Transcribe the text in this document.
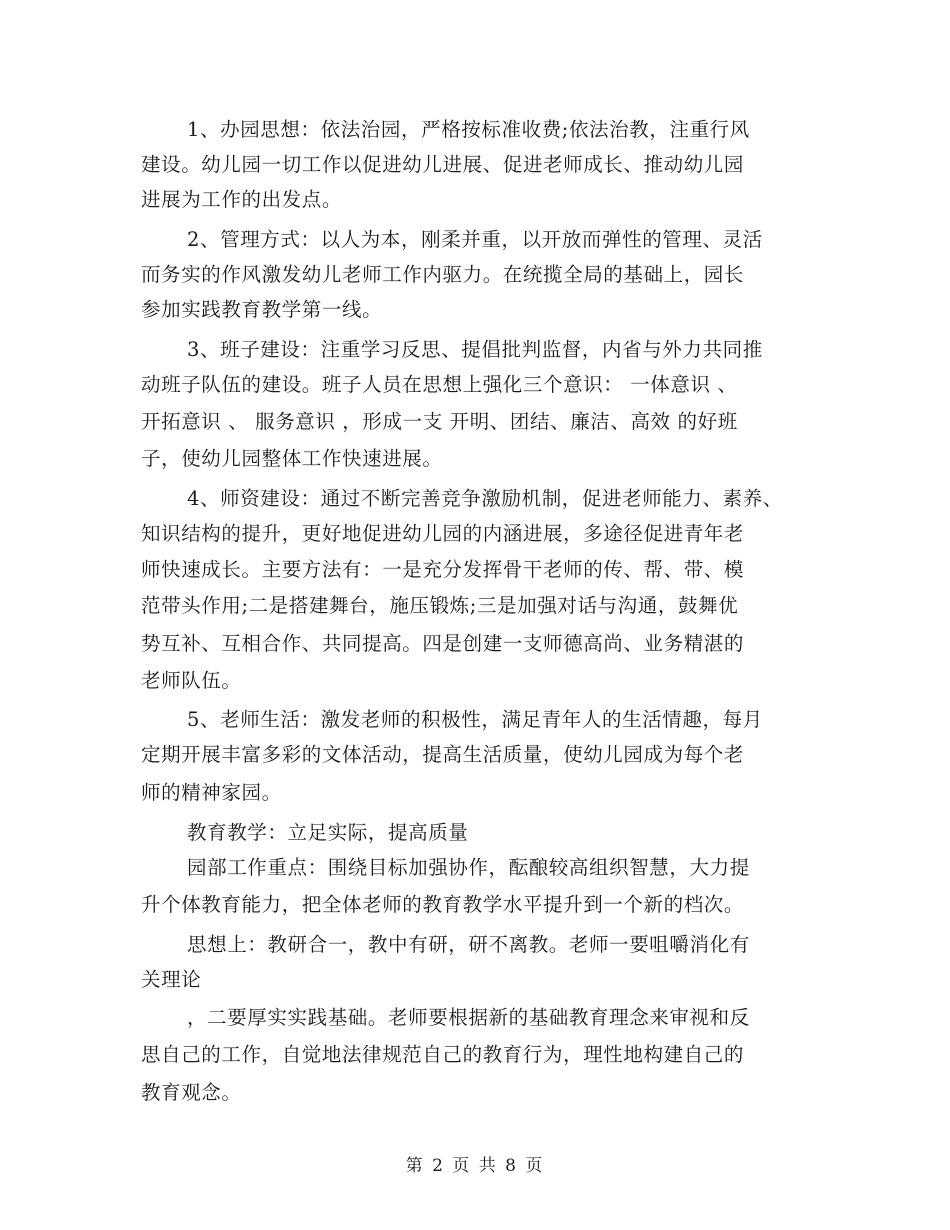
1、办园思想：依法治园，严格按标准收费;依法治教，注重行风
建设。幼儿园一切工作以促进幼儿进展、促进老师成长、推动幼儿园
进展为工作的出发点。
2、管理方式：以人为本，刚柔并重，以开放而弹性的管理、灵活
而务实的作风激发幼儿老师工作内驱力。在统揽全局的基础上，园长
参加实践教育教学第一线。
3、班子建设：注重学习反思、提倡批判监督，内省与外力共同推
动班子队伍的建设。班子人员在思想上强化三个意识： 一体意识 、
开拓意识 、 服务意识 ，形成一支 开明、团结、廉洁、高效 的好班
子，使幼儿园整体工作快速进展。
4、师资建设：通过不断完善竞争激励机制，促进老师能力、素养、
知识结构的提升，更好地促进幼儿园的内涵进展，多途径促进青年老
师快速成长。主要方法有：一是充分发挥骨干老师的传、帮、带、模
范带头作用;二是搭建舞台，施压锻炼;三是加强对话与沟通，鼓舞优
势互补、互相合作、共同提高。四是创建一支师德高尚、业务精湛的
老师队伍。
5、老师生活：激发老师的积极性，满足青年人的生活情趣，每月
定期开展丰富多彩的文体活动，提高生活质量，使幼儿园成为每个老
师的精神家园。
教育教学：立足实际，提高质量
园部工作重点：围绕目标加强协作，酝酿较高组织智慧，大力提
升个体教育能力，把全体老师的教育教学水平提升到一个新的档次。
思想上：教研合一，教中有研，研不离教。老师一要咀嚼消化有
关理论
，二要厚实实践基础。老师要根据新的基础教育理念来审视和反
思自己的工作，自觉地法律规范自己的教育行为，理性地构建自己的
教育观念。
第 2 页 共 8 页
